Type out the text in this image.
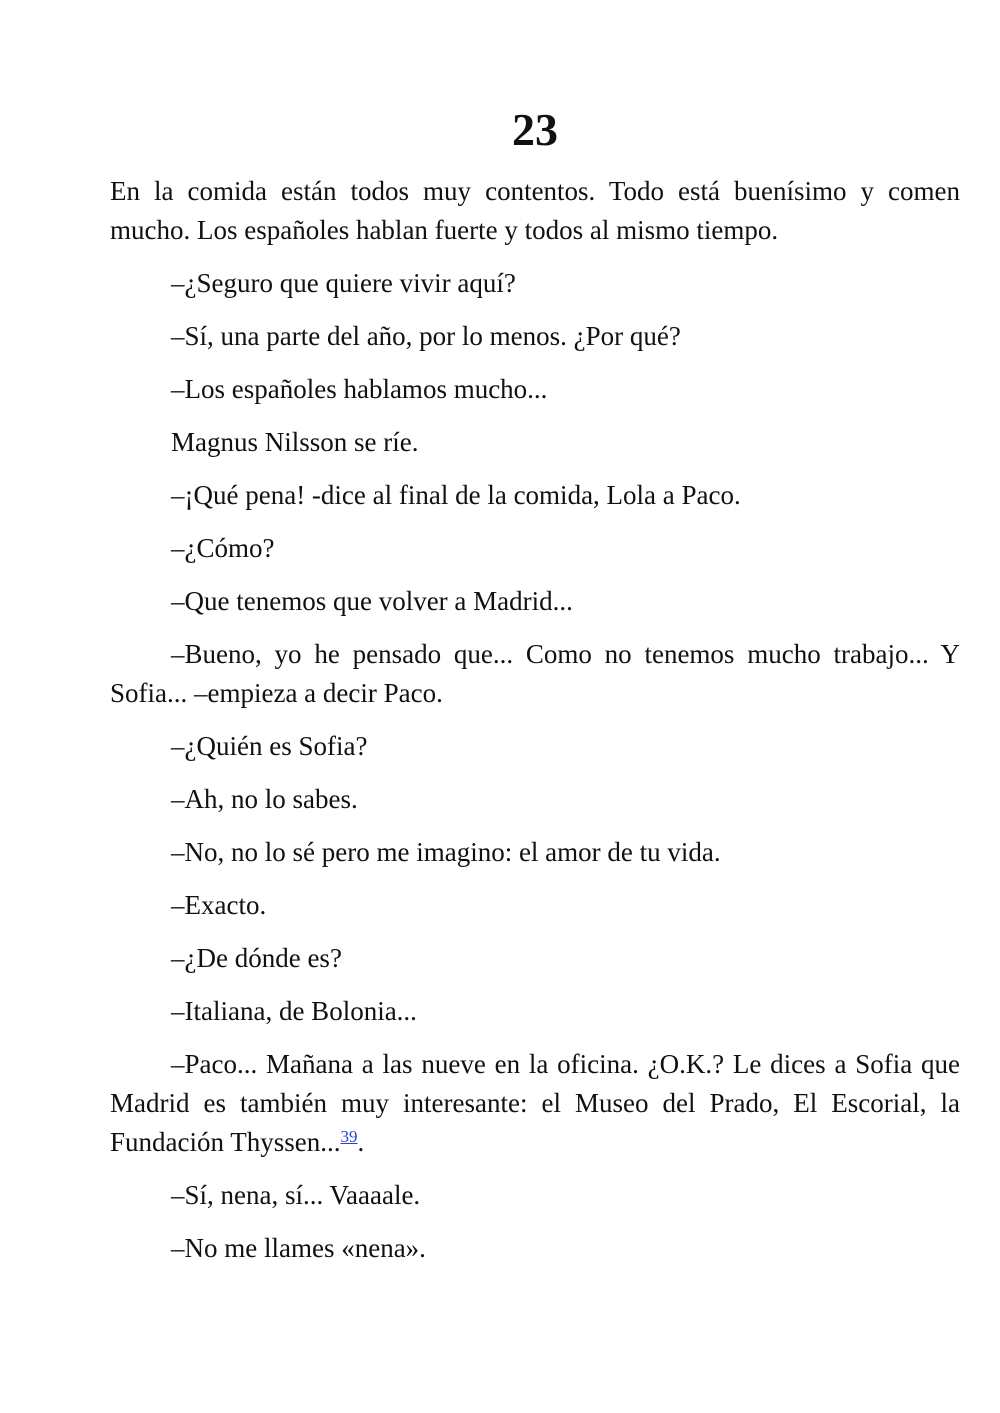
23

En la comida están todos muy contentos. Todo está buenísimo y comen mucho. Los españoles hablan fuerte y todos al mismo tiempo.

–¿Seguro que quiere vivir aquí?

–Sí, una parte del año, por lo menos. ¿Por qué?

–Los españoles hablamos mucho...

Magnus Nilsson se ríe.

–¡Qué pena! -dice al final de la comida, Lola a Paco.

–¿Cómo?

–Que tenemos que volver a Madrid...

–Bueno, yo he pensado que... Como no tenemos mucho trabajo... Y Sofia... –empieza a decir Paco.

–¿Quién es Sofia?

–Ah, no lo sabes.

–No, no lo sé pero me imagino: el amor de tu vida.

–Exacto.

–¿De dónde es?

–Italiana, de Bolonia...

–Paco... Mañana a las nueve en la oficina. ¿O.K.? Le dices a Sofia que Madrid es también muy interesante: el Museo del Prado, El Escorial, la Fundación Thyssen...$^{39}$.

–Sí, nena, sí... Vaaaale.

–No me llames «nena».
